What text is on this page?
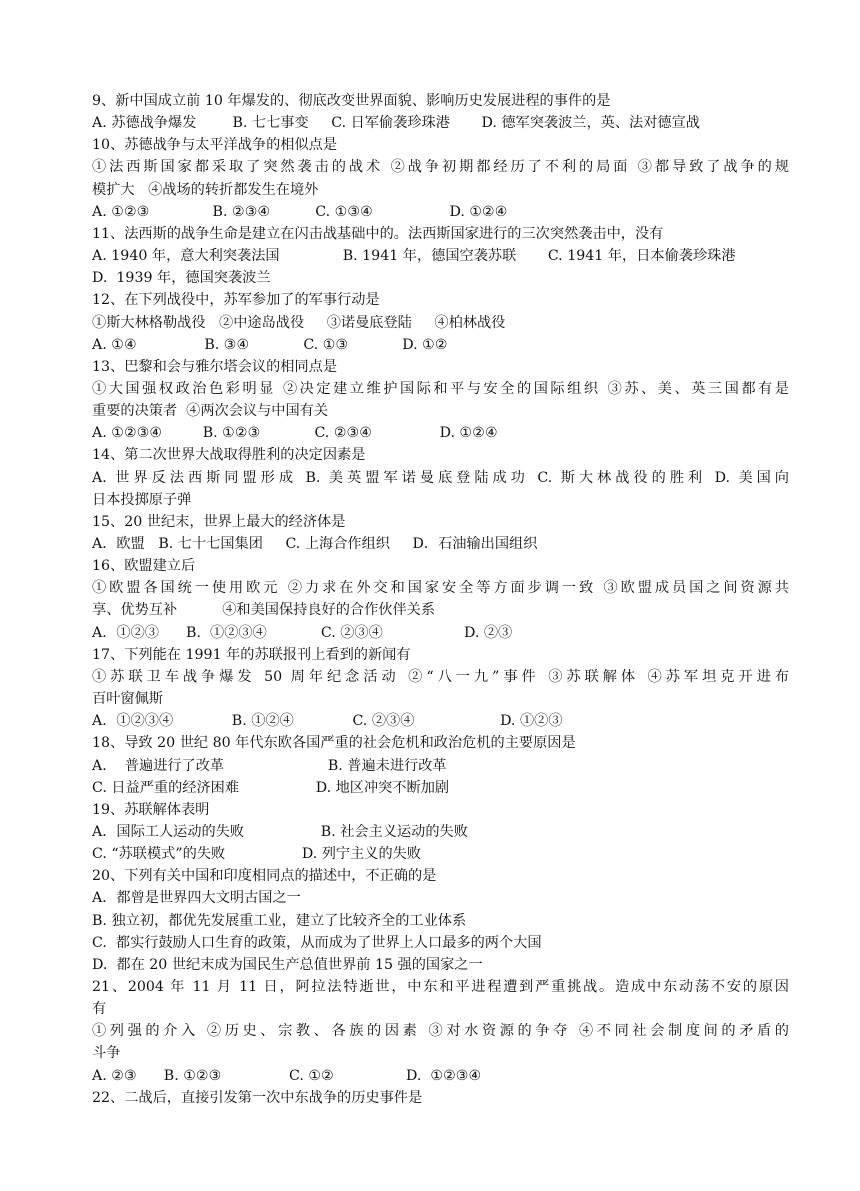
9、新中国成立前 10 年爆发的、彻底改变世界面貌、影响历史发展进程的事件的是

A. 苏德战争爆发        B. 七七事变     C. 日军偷袭珍珠港       D. 德军突袭波兰，英、法对德宣战

10、苏德战争与太平洋战争的相似点是

①法西斯国家都采取了突然袭击的战术 ②战争初期都经历了不利的局面 ③都导致了战争的规

模扩大   ④战场的转折都发生在境外

A. ①②③              B. ②③④          C. ①③④                 D. ①②④

11、法西斯的战争生命是建立在闪击战基础中的。法西斯国家进行的三次突然袭击中，没有

A. 1940 年，意大利突袭法国              B. 1941 年，德国空袭苏联       C. 1941 年，日本偷袭珍珠港

D.  1939 年，德国突袭波兰

12、在下列战役中，苏军参加了的军事行动是

①斯大林格勒战役   ②中途岛战役     ③诺曼底登陆     ④柏林战役

A. ①④               B. ③④            C. ①③            D. ①②

13、巴黎和会与雅尔塔会议的相同点是

①大国强权政治色彩明显 ②决定建立维护国际和平与安全的国际组织 ③苏、美、英三国都有是

重要的决策者  ④两次会议与中国有关

A. ①②③④         B. ①②③            C. ②③④               D. ①②④

14、第二次世界大战取得胜利的决定因素是

A. 世界反法西斯同盟形成 B. 美英盟军诺曼底登陆成功 C. 斯大林战役的胜利 D. 美国向

日本投掷原子弹

15、20 世纪末，世界上最大的经济体是

A．欧盟   B. 七十七国集团     C. 上海合作组织     D．石油输出国组织

16、欧盟建立后

①欧盟各国统一使用欧元 ②力求在外交和国家安全等方面步调一致 ③欧盟成员国之间资源共

享、优势互补          ④和美国保持良好的合作伙伴关系

A．①②③      B.  ①②③④            C. ②③④                  D. ②③

17、下列能在 1991 年的苏联报刊上看到的新闻有

①苏联卫车战争爆发 50 周年纪念活动 ②“八一九”事件 ③苏联解体 ④苏军坦克开进布

百叶窗佩斯

A．①②③④             B. ①②④             C. ②③④                   D. ①②③

18、导致 20 世纪 80 年代东欧各国严重的社会危机和政治危机的主要原因是

A.    普遍进行了改革                       B. 普遍未进行改革

C. 日益严重的经济困难                 D. 地区冲突不断加剧

19、苏联解体表明

A．国际工人运动的失败                 B. 社会主义运动的失败

C. “苏联模式”的失败                 D. 列宁主义的失败

20、下列有关中国和印度相同点的描述中，不正确的是

A．都曾是世界四大文明古国之一

B. 独立初，都优先发展重工业，建立了比较齐全的工业体系

C.  都实行鼓励人口生育的政策，从而成为了世界上人口最多的两个大国

D.  都在 20 世纪末成为国民生产总值世界前 15 强的国家之一

21、2004 年 11 月 11 日，阿拉法特逝世，中东和平进程遭到严重挑战。造成中东动荡不安的原因

有

①列强的介入 ②历史、宗教、各族的因素 ③对水资源的争夺 ④不同社会制度间的矛盾的

斗争

A. ②③      B. ①②③               C. ①②                D.  ①②③④

22、二战后，直接引发第一次中东战争的历史事件是
